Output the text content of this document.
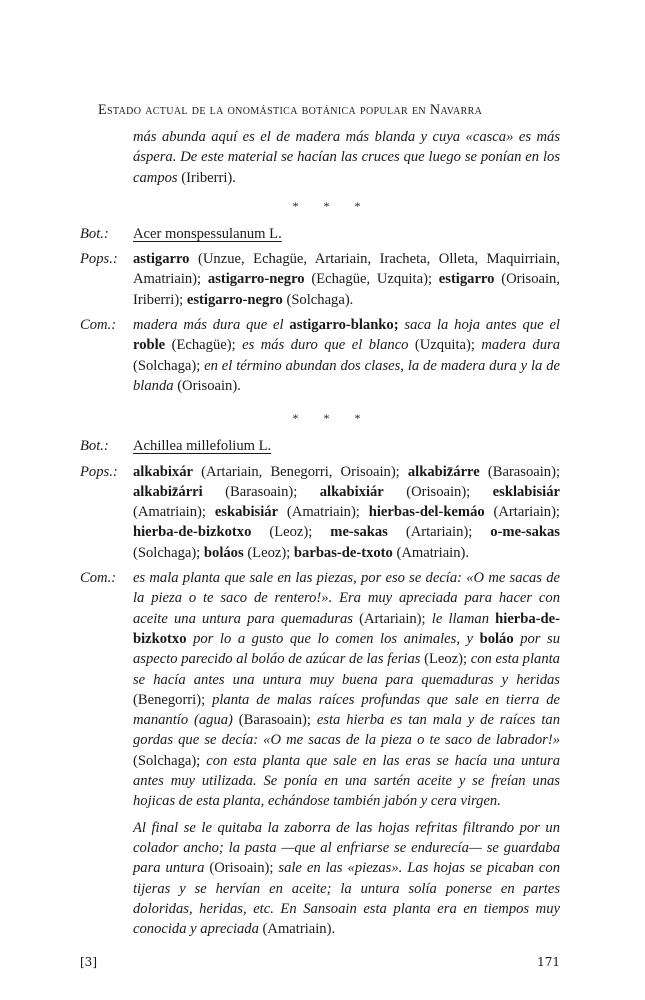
Estado actual de la onomástica botánica popular en Navarra
más abunda aquí es el de madera más blanda y cuya «casca» es más áspera. De este material se hacían las cruces que luego se ponían en los campos (Iriberri).
* * *
Bot.: Acer monspessulanum L.
Pops.: astigarro (Unzue, Echagüe, Artariain, Iracheta, Olleta, Maquirriain, Amatriain); astigarro-negro (Echagüe, Uzquita); estigarro (Orisoain, Iriberri); estigarro-negro (Solchaga).
Com.: madera más dura que el astigarro-blanko; saca la hoja antes que el roble (Echagüe); es más duro que el blanco (Uzquita); madera dura (Solchaga); en el término abundan dos clases, la de madera dura y la de blanda (Orisoain).
* * *
Bot.: Achillea millefolium L.
Pops.: alkabixár (Artariain, Benegorri, Orisoain); alkabiz̄árre (Barasoain); alkabiz̄árri (Barasoain); alkabixiár (Orisoain); esklabisiár (Amatriain); eskabisiár (Amatriain); hierbas-del-kemáo (Artariain); hierba-de-bizkotxo (Leoz); me-sakas (Artariain); o-me-sakas (Solchaga); boláos (Leoz); barbas-de-txoto (Amatriain).
Com.: es mala planta que sale en las piezas, por eso se decía: «O me sacas de la pieza o te saco de rentero!». Era muy apreciada para hacer con aceite una untura para quemaduras (Artariain); le llaman hierba-de-bizkotxo por lo a gusto que lo comen los animales, y boláo por su aspecto parecido al boláo de azúcar de las ferias (Leoz); con esta planta se hacía antes una untura muy buena para quemaduras y heridas (Benegorri); planta de malas raíces profundas que sale en tierra de manantío (agua) (Barasoain); esta hierba es tan mala y de raíces tan gordas que se decía: «O me sacas de la pieza o te saco de labrador!» (Solchaga); con esta planta que sale en las eras se hacía una untura antes muy utilizada. Se ponía en una sartén aceite y se freían unas hojicas de esta planta, echándose también jabón y cera virgen.
Al final se le quitaba la zaborra de las hojas refritas filtrando por un colador ancho; la pasta —que al enfriarse se endurecía— se guardaba para untura (Orisoain); sale en las «piezas». Las hojas se picaban con tijeras y se hervían en aceite; la untura solía ponerse en partes doloridas, heridas, etc. En Sansoain esta planta era en tiempos muy conocida y apreciada (Amatriain).
[3]	171
